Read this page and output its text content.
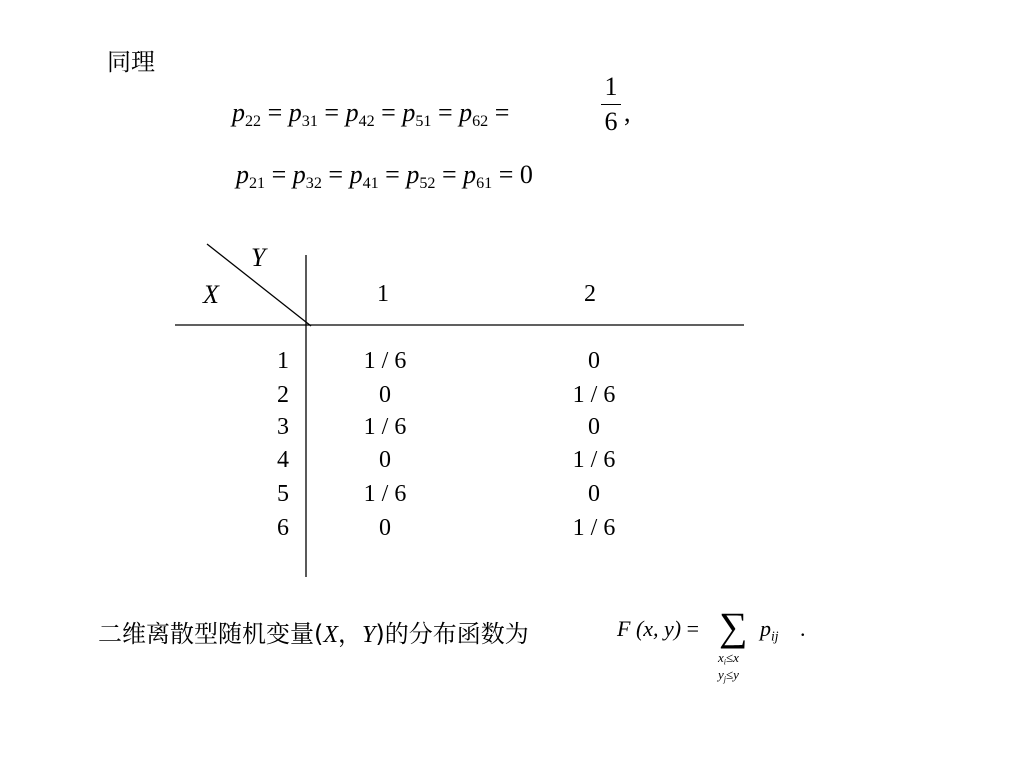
同理
$p_{22} = p_{31} = p_{42} = p_{51} = p_{62}$ =
1
6 ,
$p_{21} = p_{32} = p_{41} = p_{52} = p_{61} = 0$
Y
X	1	2
1	1 / 6	0
2	0	1 / 6
3	1 / 6	0
4	0	1 / 6
5	1 / 6	0
6	0	1 / 6
二维离散型随机变量(X，Y)的分布函数为	F (x, y) = ∑ $p_{ij}$ .
$x_i\le x$
$y_j\le y$
